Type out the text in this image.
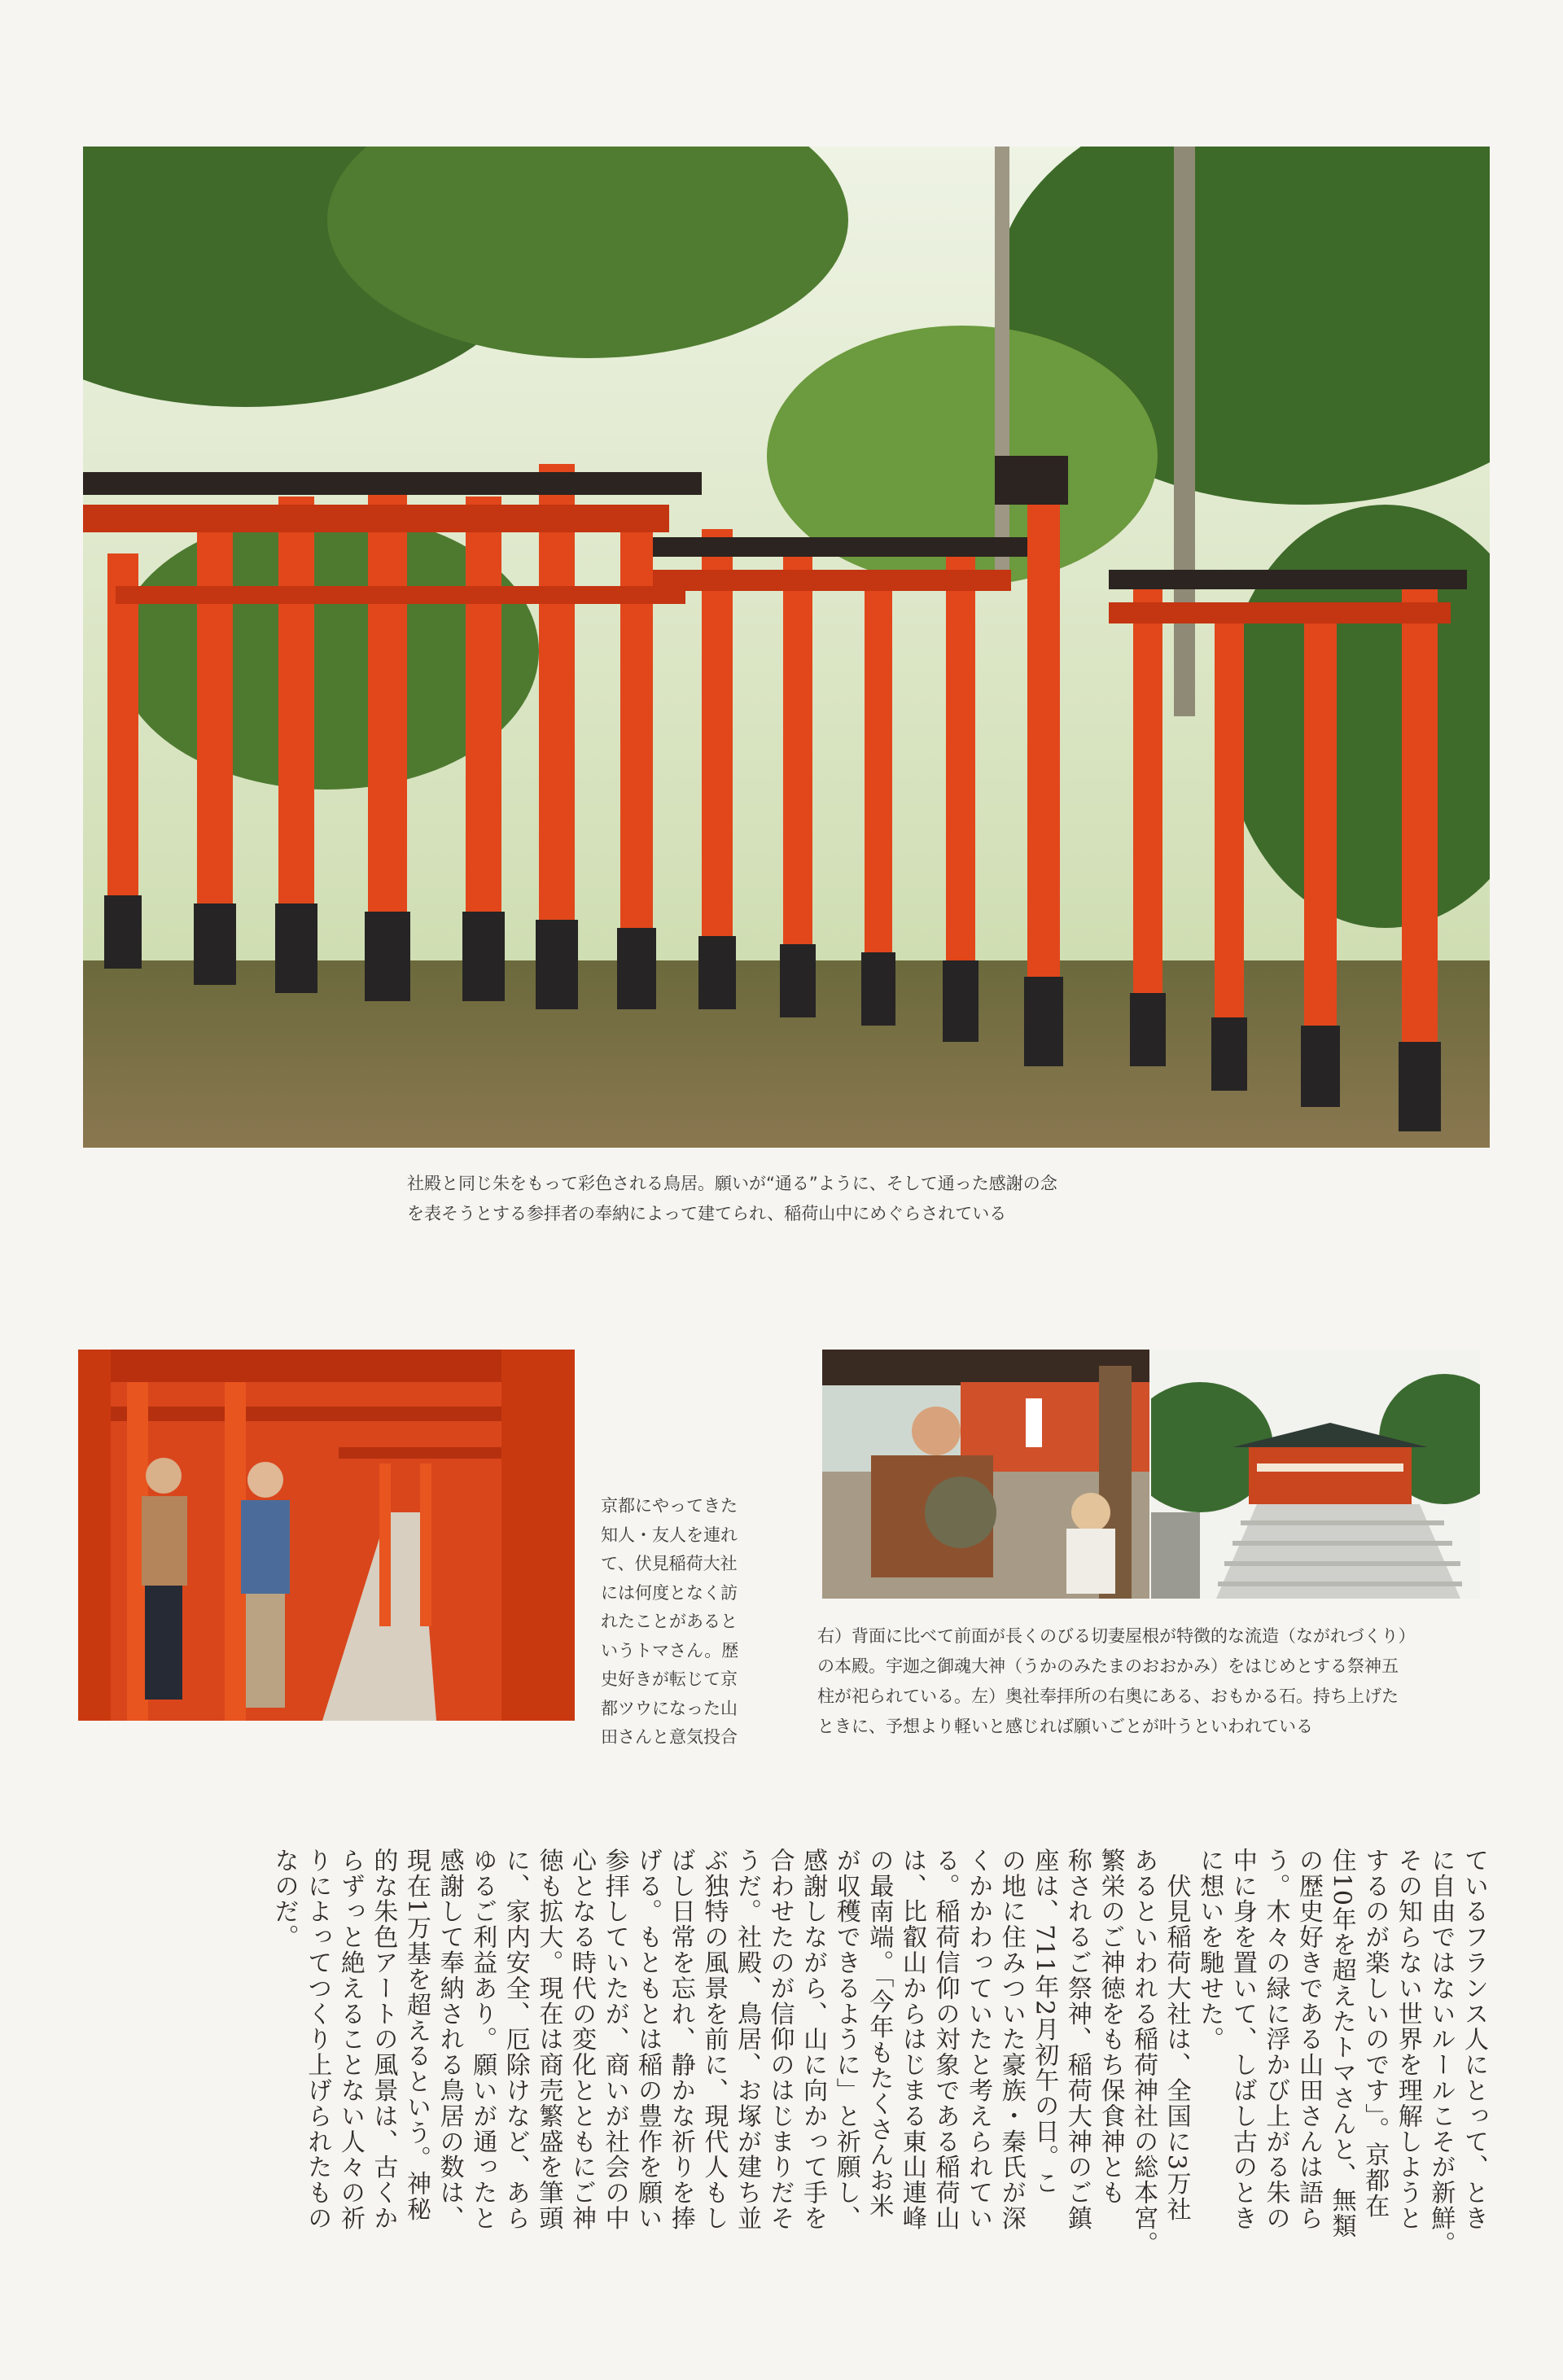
社殿と同じ朱をもって彩色される鳥居。願いが“通る”ように、そして通った感謝の念
を表そうとする参拝者の奉納によって建てられ、稲荷山中にめぐらされている

京都にやってきた
知人・友人を連れ
て、伏見稲荷大社
には何度となく訪
れたことがあると
いうトマさん。歴
史好きが転じて京
都ツウになった山
田さんと意気投合

右）背面に比べて前面が長くのびる切妻屋根が特徴的な流造（ながれづくり）
の本殿。宇迦之御魂大神（うかのみたまのおおかみ）をはじめとする祭神五
柱が祀られている。左）奥社奉拝所の右奥にある、おもかる石。持ち上げた
ときに、予想より軽いと感じれば願いごとが叶うといわれている

ているフランス人にとって、とき
に自由ではないルールこそが新鮮。
その知らない世界を理解しようと
するのが楽しいのです」。京都在
住10年を超えたトマさんと、無類
の歴史好きである山田さんは語ら
う。木々の緑に浮かび上がる朱の
中に身を置いて、しばし古のとき
に想いを馳せた。
　伏見稲荷大社は、全国に3万社
あるといわれる稲荷神社の総本宮。
繁栄のご神徳をもち保食神とも
称されるご祭神、稲荷大神のご鎮
座は、711年2月初午の日。こ
の地に住みついた豪族・秦氏が深
くかかわっていたと考えられてい
る。稲荷信仰の対象である稲荷山
は、比叡山からはじまる東山連峰
の最南端。「今年もたくさんお米
が収穫できるように」と祈願し、
感謝しながら、山に向かって手を
合わせたのが信仰のはじまりだそ
うだ。社殿、鳥居、お塚が建ち並
ぶ独特の風景を前に、現代人もし
ばし日常を忘れ、静かな祈りを捧
げる。もともとは稲の豊作を願い
参拝していたが、商いが社会の中
心となる時代の変化とともにご神
徳も拡大。現在は商売繁盛を筆頭
に、家内安全、厄除けなど、あら
ゆるご利益あり。願いが通ったと
感謝して奉納される鳥居の数は、
現在1万基を超えるという。神秘
的な朱色アートの風景は、古くか
らずっと絶えることない人々の祈
りによってつくり上げられたもの
なのだ。
